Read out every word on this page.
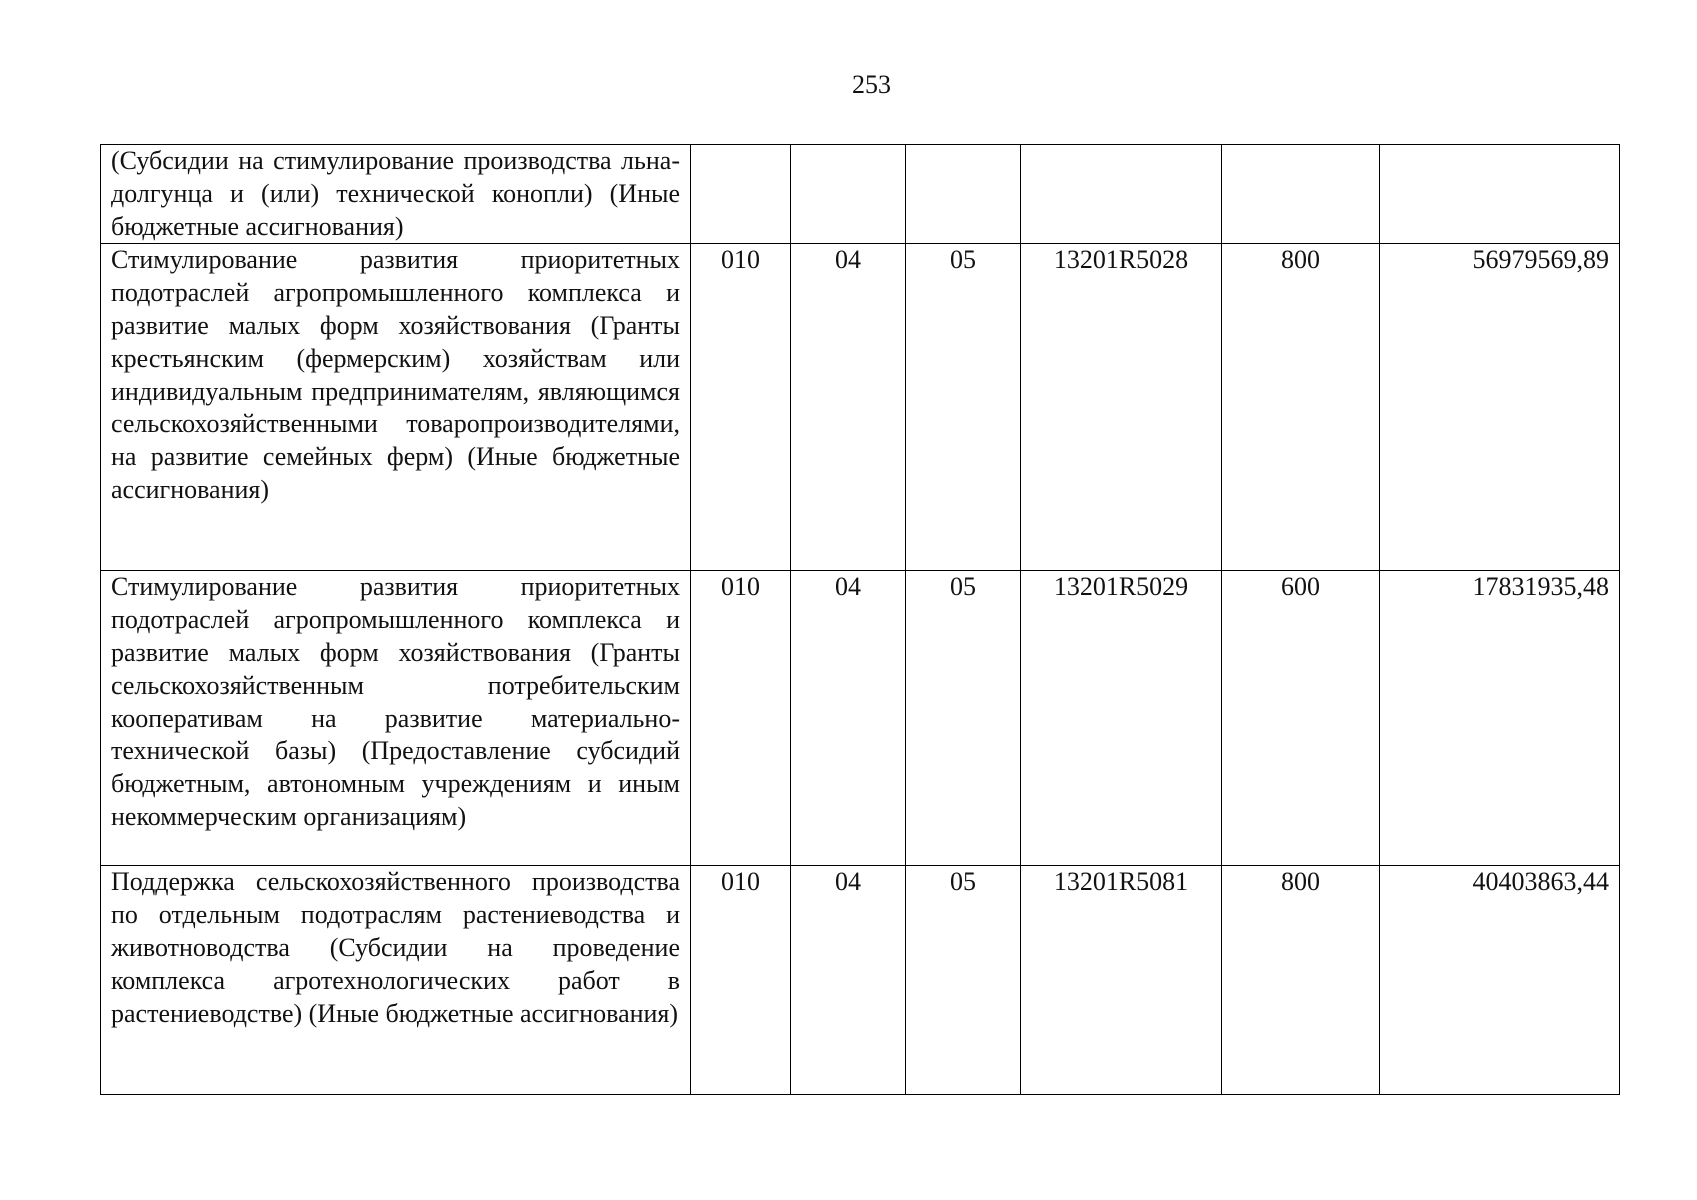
253
(Субсидии на стимулирование производства льна-долгунца и (или) технической конопли) (Иные бюджетные ассигнования)						
Стимулирование развития приоритетных подотраслей агропромышленного комплекса и развитие малых форм хозяйствования (Гранты крестьянским (фермерским) хозяйствам или индивидуальным предпринимателям, являющимся сельскохозяйственными товаропроизводителями, на развитие семейных ферм) (Иные бюджетные ассигнования)	010	04	05	13201R5028	800	56979569,89
Стимулирование развития приоритетных подотраслей агропромышленного комплекса и развитие малых форм хозяйствования (Гранты сельскохозяйственным потребительским кооперативам на развитие материально-технической базы) (Предоставление субсидий бюджетным, автономным учреждениям и иным некоммерческим организациям)	010	04	05	13201R5029	600	17831935,48
Поддержка сельскохозяйственного производства по отдельным подотраслям растениеводства и животноводства (Субсидии на проведение комплекса агротехнологических работ в растениеводстве) (Иные бюджетные ассигнования)	010	04	05	13201R5081	800	40403863,44
